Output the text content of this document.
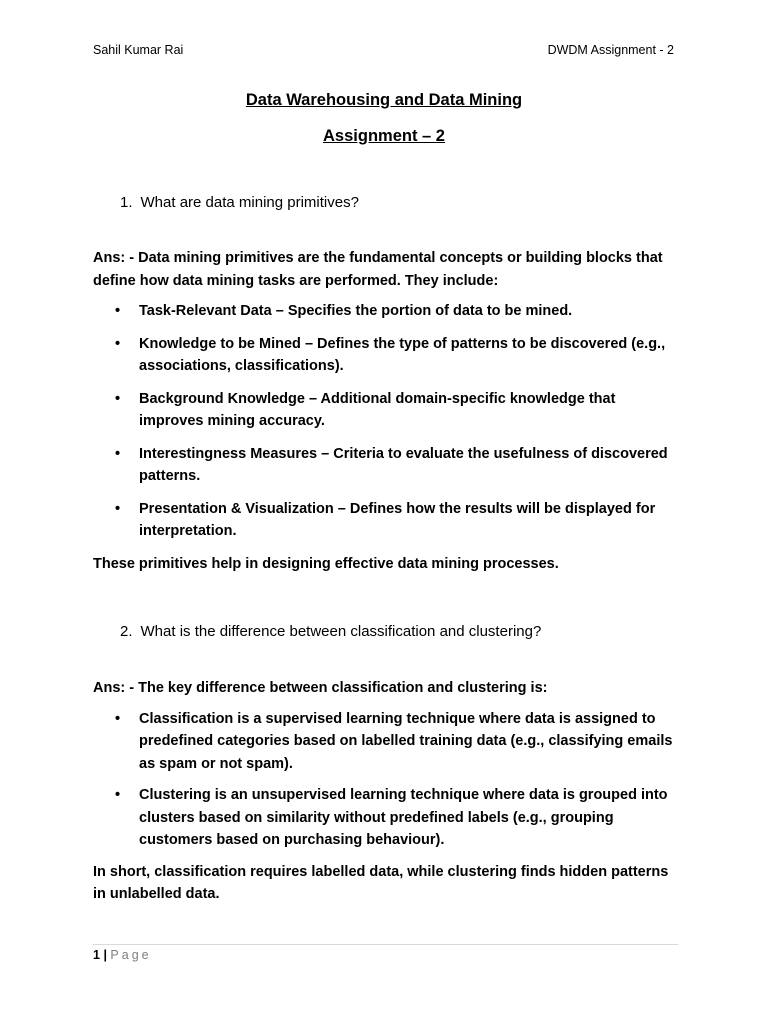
Sahil Kumar Rai	DWDM Assignment - 2
Data Warehousing and Data Mining
Assignment – 2
1. What are data mining primitives?

Ans: - Data mining primitives are the fundamental concepts or building blocks that define how data mining tasks are performed. They include:

• Task-Relevant Data – Specifies the portion of data to be mined.
• Knowledge to be Mined – Defines the type of patterns to be discovered (e.g., associations, classifications).
• Background Knowledge – Additional domain-specific knowledge that improves mining accuracy.
• Interestingness Measures – Criteria to evaluate the usefulness of discovered patterns.
• Presentation & Visualization – Defines how the results will be displayed for interpretation.

These primitives help in designing effective data mining processes.

2. What is the difference between classification and clustering?

Ans: - The key difference between classification and clustering is:

• Classification is a supervised learning technique where data is assigned to predefined categories based on labelled training data (e.g., classifying emails as spam or not spam).
• Clustering is an unsupervised learning technique where data is grouped into clusters based on similarity without predefined labels (e.g., grouping customers based on purchasing behaviour).

In short, classification requires labelled data, while clustering finds hidden patterns in unlabelled data.

1 | Page
